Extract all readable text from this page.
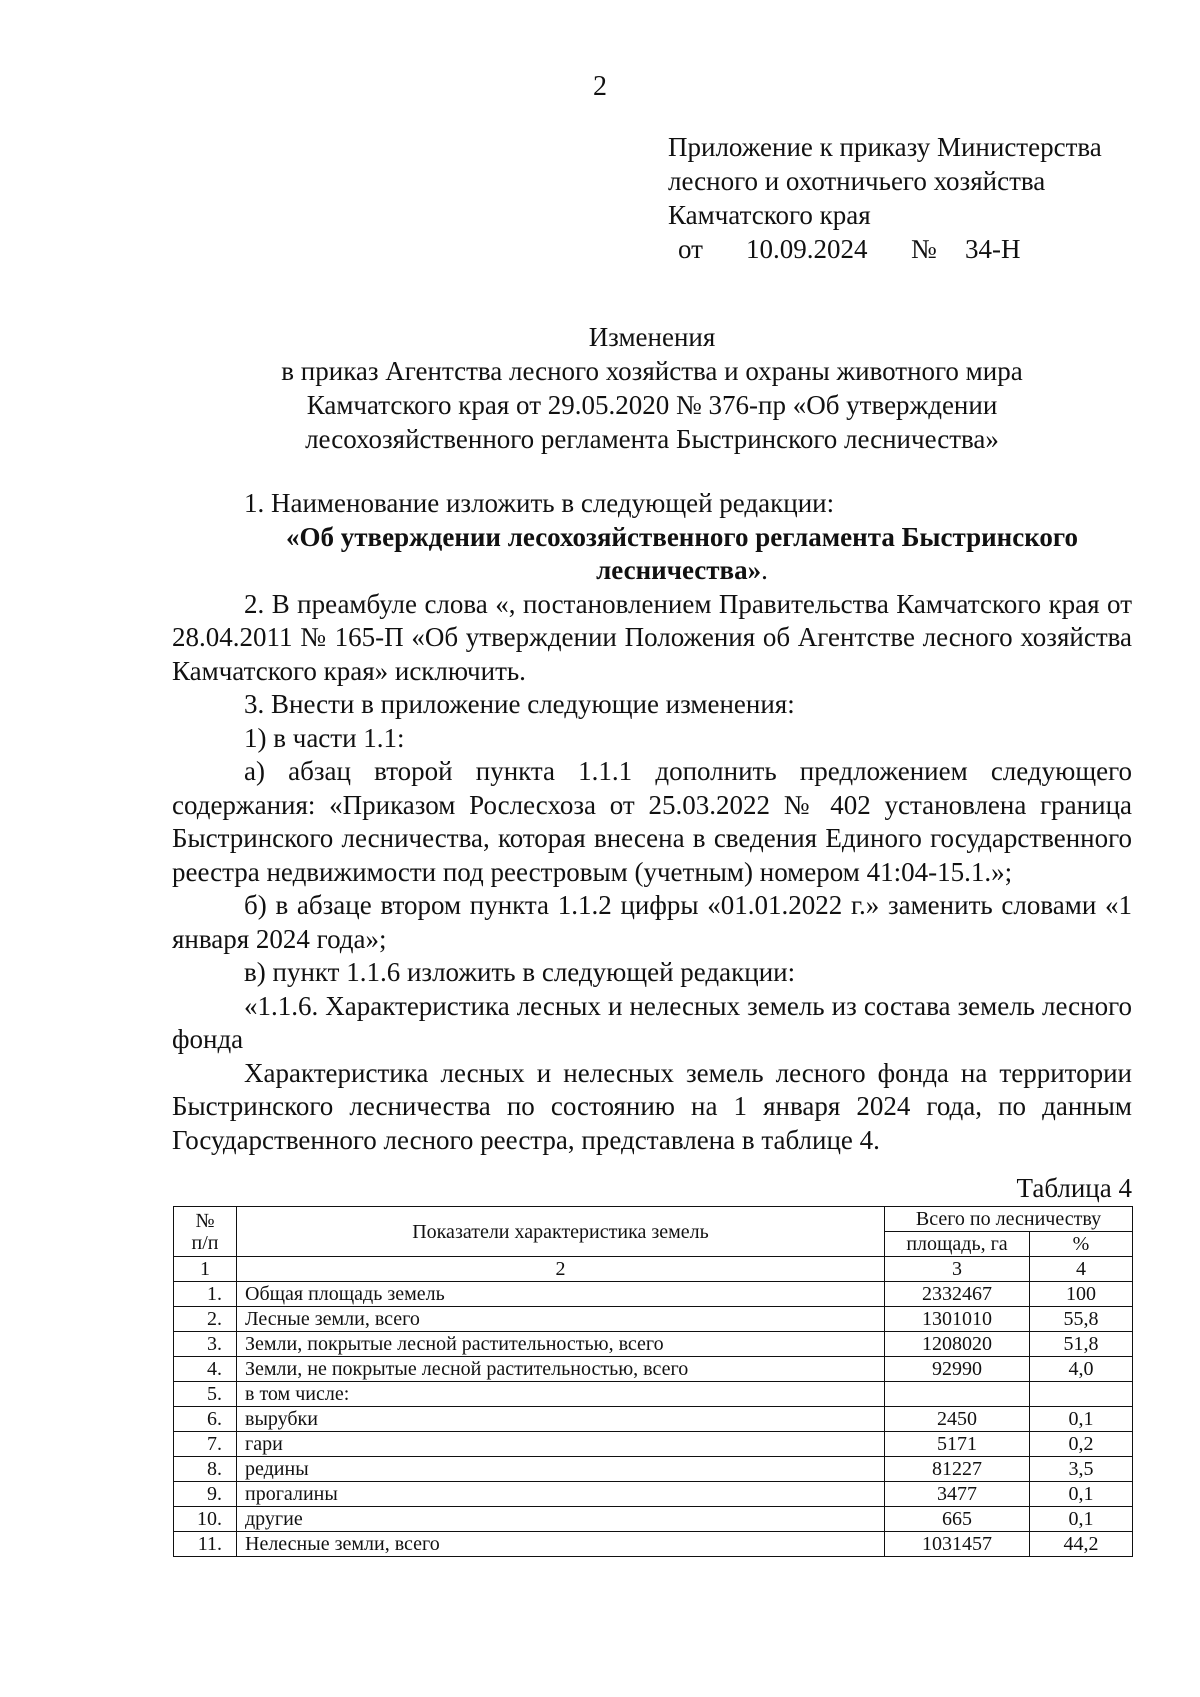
2
Приложение к приказу Министерства
лесного и охотничьего хозяйства
Камчатского края
от 10.09.2024 № 34-Н
Изменения
в приказ Агентства лесного хозяйства и охраны животного мира
Камчатского края от 29.05.2020 № 376-пр «Об утверждении
лесохозяйственного регламента Быстринского лесничества»

1. Наименование изложить в следующей редакции:

«Об утверждении лесохозяйственного регламента Быстринского

лесничества».

2. В преамбуле слова «, постановлением Правительства Камчатского края от 28.04.2011 № 165-П «Об утверждении Положения об Агентстве лесного хозяйства Камчатского края» исключить.

3. Внести в приложение следующие изменения:

1) в части 1.1:

а) абзац второй пункта 1.1.1 дополнить предложением следующего содержания: «Приказом Рослесхоза от 25.03.2022 № 402 установлена граница Быстринского лесничества, которая внесена в сведения Единого государственного реестра недвижимости под реестровым (учетным) номером 41:04-15.1.»;

б) в абзаце втором пункта 1.1.2 цифры «01.01.2022 г.» заменить словами «1 января 2024 года»;

в) пункт 1.1.6 изложить в следующей редакции:

«1.1.6. Характеристика лесных и нелесных земель из состава земель лесного фонда

Характеристика лесных и нелесных земель лесного фонда на территории Быстринского лесничества по состоянию на 1 января 2024 года, по данным Государственного лесного реестра, представлена в таблице 4.

Таблица 4
№
п/п	Показатели характеристика земель	Всего по лесничеству	
		площадь, га	%
1	2	3	4
1.	Общая площадь земель	2332467	100
2.	Лесные земли, всего	1301010	55,8
3.	Земли, покрытые лесной растительностью, всего	1208020	51,8
4.	Земли, не покрытые лесной растительностью, всего	92990	4,0
5.	в том числе:		
6.	вырубки	2450	0,1
7.	гари	5171	0,2
8.	редины	81227	3,5
9.	прогалины	3477	0,1
10.	другие	665	0,1
11.	Нелесные земли, всего	1031457	44,2
